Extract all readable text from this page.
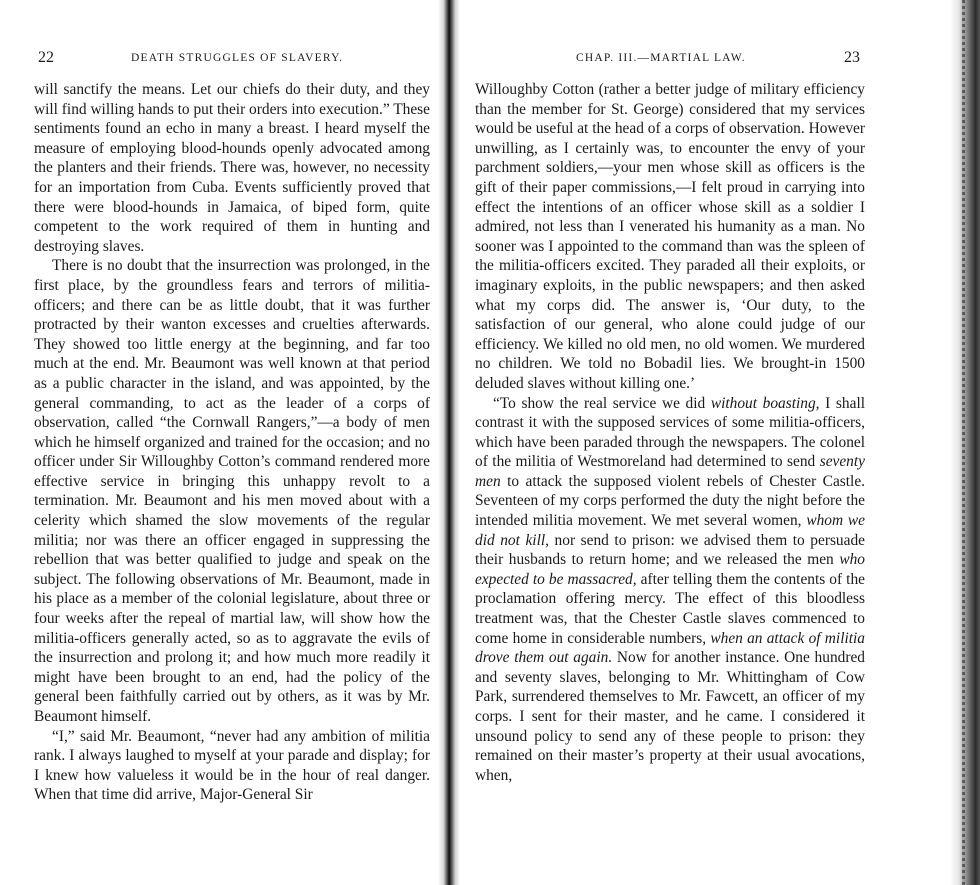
22	DEATH STRUGGLES OF SLAVERY.	CHAP. III.—MARTIAL LAW.	23

will sanctify the means. Let our chiefs do their duty, and they will find willing hands to put their orders into execution.” These sentiments found an echo in many a breast. I heard myself the measure of employing blood-hounds openly advocated among the planters and their friends. There was, however, no necessity for an importation from Cuba. Events sufficiently proved that there were blood-hounds in Jamaica, of biped form, quite competent to the work required of them in hunting and destroying slaves.

There is no doubt that the insurrection was prolonged, in the first place, by the groundless fears and terrors of militia-officers; and there can be as little doubt, that it was further protracted by their wanton excesses and cruelties afterwards. They showed too little energy at the beginning, and far too much at the end. Mr. Beaumont was well known at that period as a public character in the island, and was appointed, by the general commanding, to act as the leader of a corps of observation, called “the Cornwall Rangers,”—a body of men which he himself organized and trained for the occasion; and no officer under Sir Willoughby Cotton’s command rendered more effective service in bringing this unhappy revolt to a termination. Mr. Beaumont and his men moved about with a celerity which shamed the slow movements of the regular militia; nor was there an officer engaged in suppressing the rebellion that was better qualified to judge and speak on the subject. The following observations of Mr. Beaumont, made in his place as a member of the colonial legislature, about three or four weeks after the repeal of martial law, will show how the militia-officers generally acted, so as to aggravate the evils of the insurrection and prolong it; and how much more readily it might have been brought to an end, had the policy of the general been faithfully carried out by others, as it was by Mr. Beaumont himself.

“I,” said Mr. Beaumont, “never had any ambition of militia rank. I always laughed to myself at your parade and display; for I knew how valueless it would be in the hour of real danger. When that time did arrive, Major-General Sir

Willoughby Cotton (rather a better judge of military efficiency than the member for St. George) considered that my services would be useful at the head of a corps of observation. However unwilling, as I certainly was, to encounter the envy of your parchment soldiers,—your men whose skill as officers is the gift of their paper commissions,—I felt proud in carrying into effect the intentions of an officer whose skill as a soldier I admired, not less than I venerated his humanity as a man. No sooner was I appointed to the command than was the spleen of the militia-officers excited. They paraded all their exploits, or imaginary exploits, in the public newspapers; and then asked what my corps did. The answer is, ‘Our duty, to the satisfaction of our general, who alone could judge of our efficiency. We killed no old men, no old women. We murdered no children. We told no Bobadil lies. We brought-in 1500 deluded slaves without killing one.’

“To show the real service we did without boasting, I shall contrast it with the supposed services of some militia-officers, which have been paraded through the newspapers. The colonel of the militia of Westmoreland had determined to send seventy men to attack the supposed violent rebels of Chester Castle. Seventeen of my corps performed the duty the night before the intended militia movement. We met several women, whom we did not kill, nor send to prison: we advised them to persuade their husbands to return home; and we released the men who expected to be massacred, after telling them the contents of the proclamation offering mercy. The effect of this bloodless treatment was, that the Chester Castle slaves commenced to come home in considerable numbers, when an attack of militia drove them out again. Now for another instance. One hundred and seventy slaves, belonging to Mr. Whittingham of Cow Park, surrendered themselves to Mr. Fawcett, an officer of my corps. I sent for their master, and he came. I considered it unsound policy to send any of these people to prison: they remained on their master’s property at their usual avocations, when,
